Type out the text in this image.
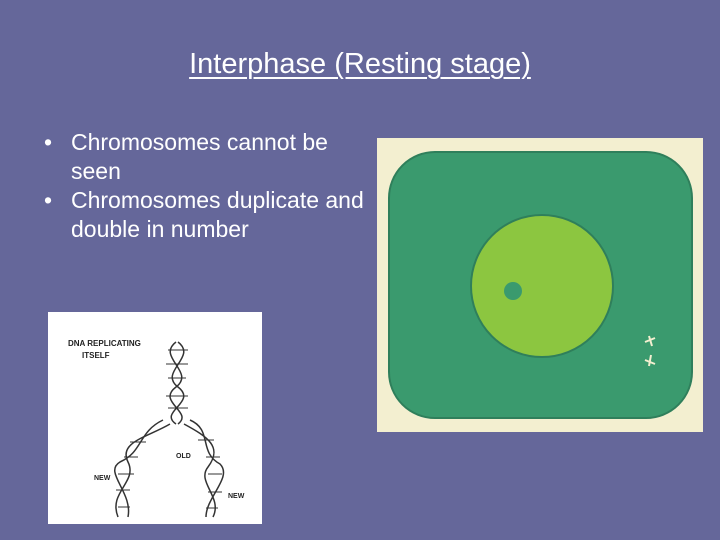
Interphase (Resting stage)
• Chromosomes cannot be seen
• Chromosomes duplicate and double in number
DNA REPLICATING
ITSELF
OLD
NEW
NEW
